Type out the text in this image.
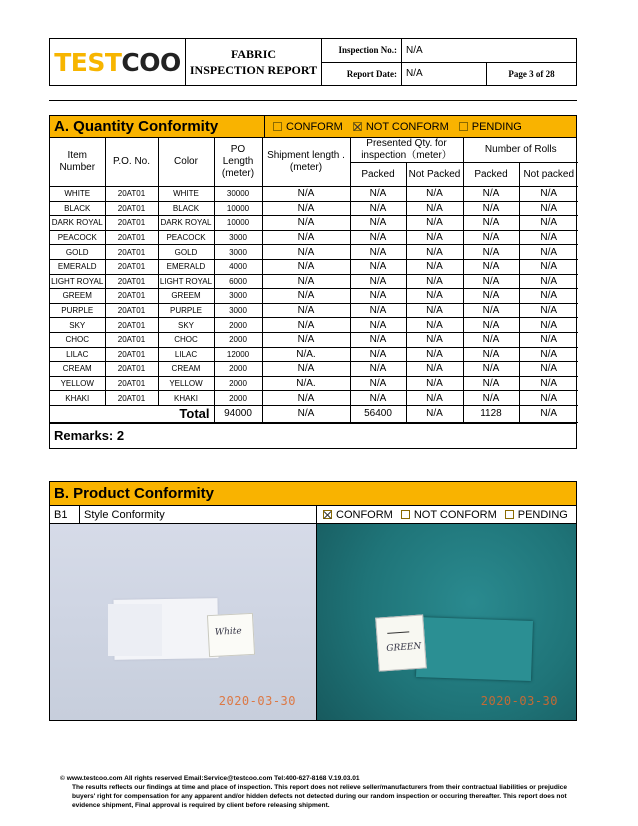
TESTCOO	FABRIC
INSPECTION REPORT
Inspection No.: N/A
Report Date: N/A	Page 3 of 28
A. Quantity Conformity	CONFORM NOT CONFORM PENDING
Item Number	P.O. No.	Color	PO Length (meter)	Shipment length .(meter)	Presented Qty. for inspection（meter）		Number of Rolls	
					Packed	Not Packed	Packed	Not packed
WHITE	20AT01	WHITE	30000	N/A	N/A	N/A	N/A	N/A
BLACK	20AT01	BLACK	10000	N/A	N/A	N/A	N/A	N/A
DARK ROYAL	20AT01	DARK ROYAL	10000	N/A	N/A	N/A	N/A	N/A
PEACOCK	20AT01	PEACOCK	3000	N/A	N/A	N/A	N/A	N/A
GOLD	20AT01	GOLD	3000	N/A	N/A	N/A	N/A	N/A
EMERALD	20AT01	EMERALD	4000	N/A	N/A	N/A	N/A	N/A
LIGHT ROYAL	20AT01	LIGHT ROYAL	6000	N/A	N/A	N/A	N/A	N/A
GREEM	20AT01	GREEM	3000	N/A	N/A	N/A	N/A	N/A
PURPLE	20AT01	PURPLE	3000	N/A	N/A	N/A	N/A	N/A
SKY	20AT01	SKY	2000	N/A	N/A	N/A	N/A	N/A
CHOC	20AT01	CHOC	2000	N/A	N/A	N/A	N/A	N/A
LILAC	20AT01	LILAC	12000	N/A.	N/A	N/A	N/A	N/A
CREAM	20AT01	CREAM	2000	N/A	N/A	N/A	N/A	N/A
YELLOW	20AT01	YELLOW	2000	N/A.	N/A	N/A	N/A	N/A
KHAKI	20AT01	KHAKI	2000	N/A	N/A	N/A	N/A	N/A
Total			94000	N/A	56400	N/A	1128	N/A
Remarks: 2
B. Product Conformity
B1	Style Conformity	CONFORM NOT CONFORM PENDING
White
2020-03-30
GREEN
2020-03-30
© www.testcoo.com All rights reserved Email:Service@testcoo.com Tel:400-627-8168 V.19.03.01
The results reflects our findings at time and place of inspection. This report does not relieve seller/manufacturers from their contractual liabilities or prejudice buyers' right for compensation for any apparent and/or hidden defects not detected during our random inspection or occuring thereafter. This report does not evidence shipment, Final approval is required by client before releasing shipment.
